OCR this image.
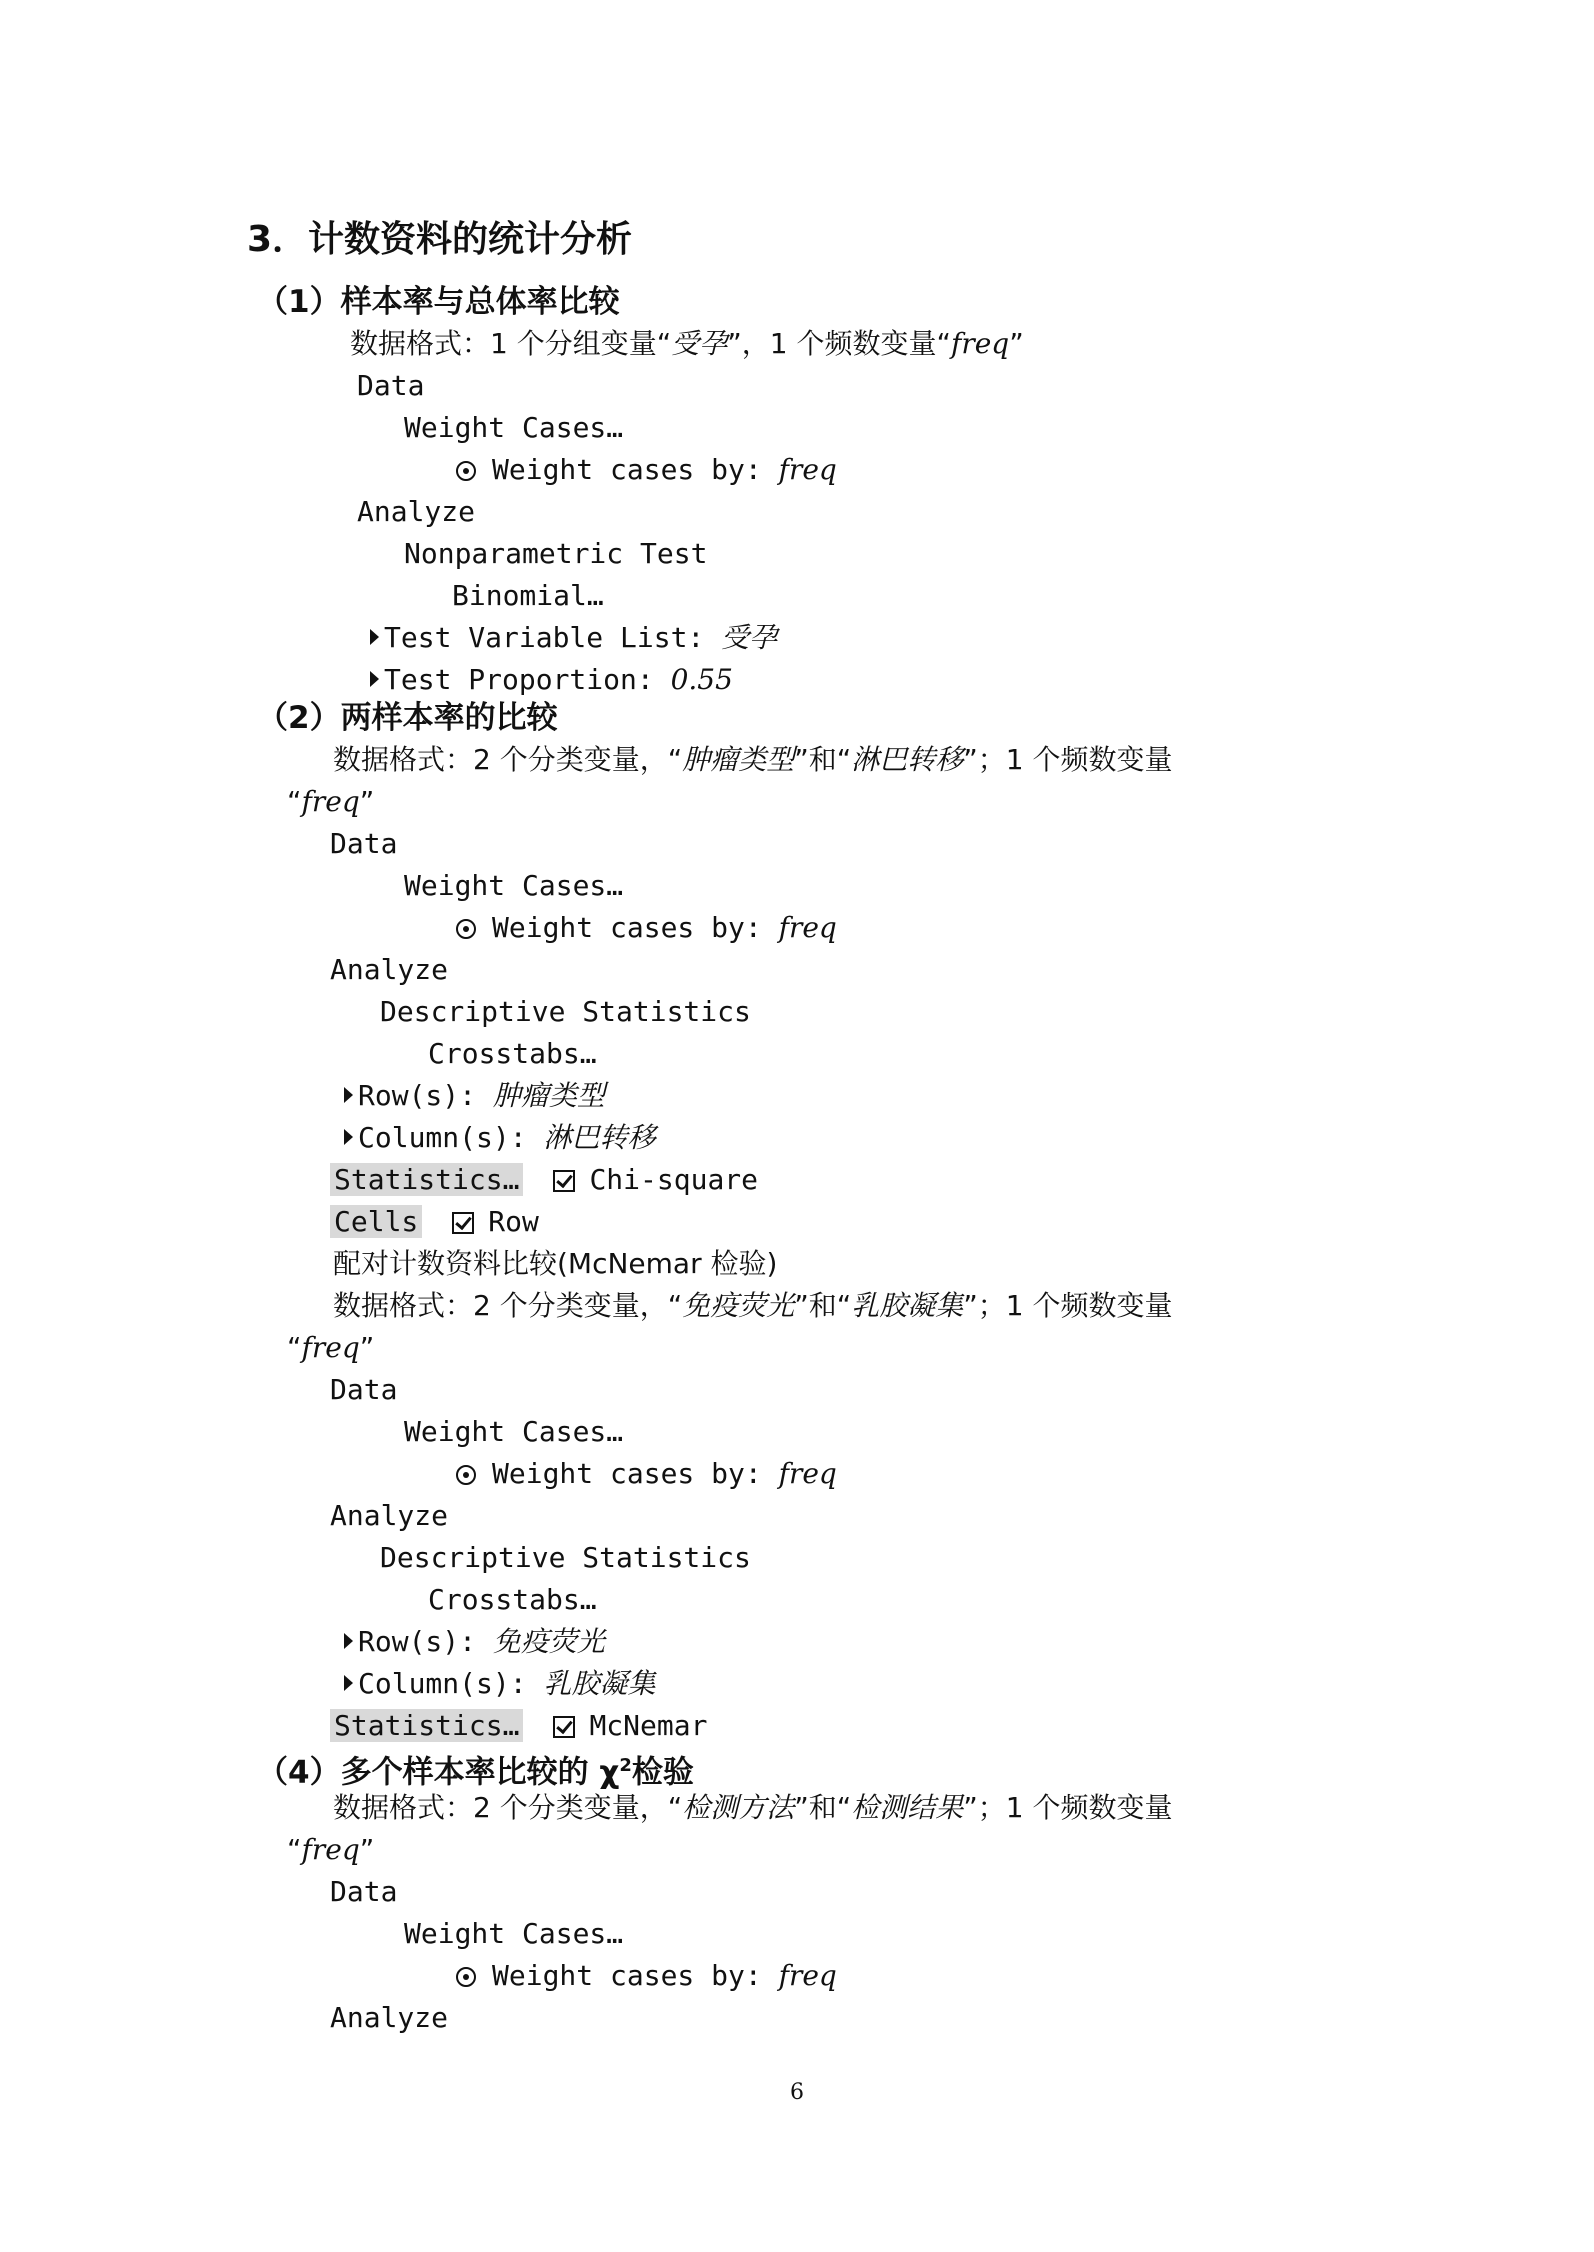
3．计数资料的统计分析
（1）样本率与总体率比较
数据格式：1 个分组变量“受孕”，1 个频数变量“freq”
Data
Weight Cases…
Weight cases by: freq
Analyze
Nonparametric Test
Binomial…
Test Variable List: 受孕
Test Proportion: 0.55
（2）两样本率的比较
数据格式：2 个分类变量，“肿瘤类型”和“淋巴转移”；1 个频数变量
“freq”
Data
Weight Cases…
Weight cases by: freq
Analyze
Descriptive Statistics
Crosstabs…
Row(s): 肿瘤类型
Column(s): 淋巴转移
Statistics…	Chi-square
Cells	Row
配对计数资料比较(McNemar 检验)
数据格式：2 个分类变量，“免疫荧光”和“乳胶凝集”；1 个频数变量
“freq”
Data
Weight Cases…
Weight cases by: freq
Analyze
Descriptive Statistics
Crosstabs…
Row(s): 免疫荧光
Column(s): 乳胶凝集
Statistics…	McNemar
（4）多个样本率比较的 $\chi^2$检验
数据格式：2 个分类变量，“检测方法”和“检测结果”；1 个频数变量
“freq”
Data
Weight Cases…
Weight cases by: freq
Analyze
6
